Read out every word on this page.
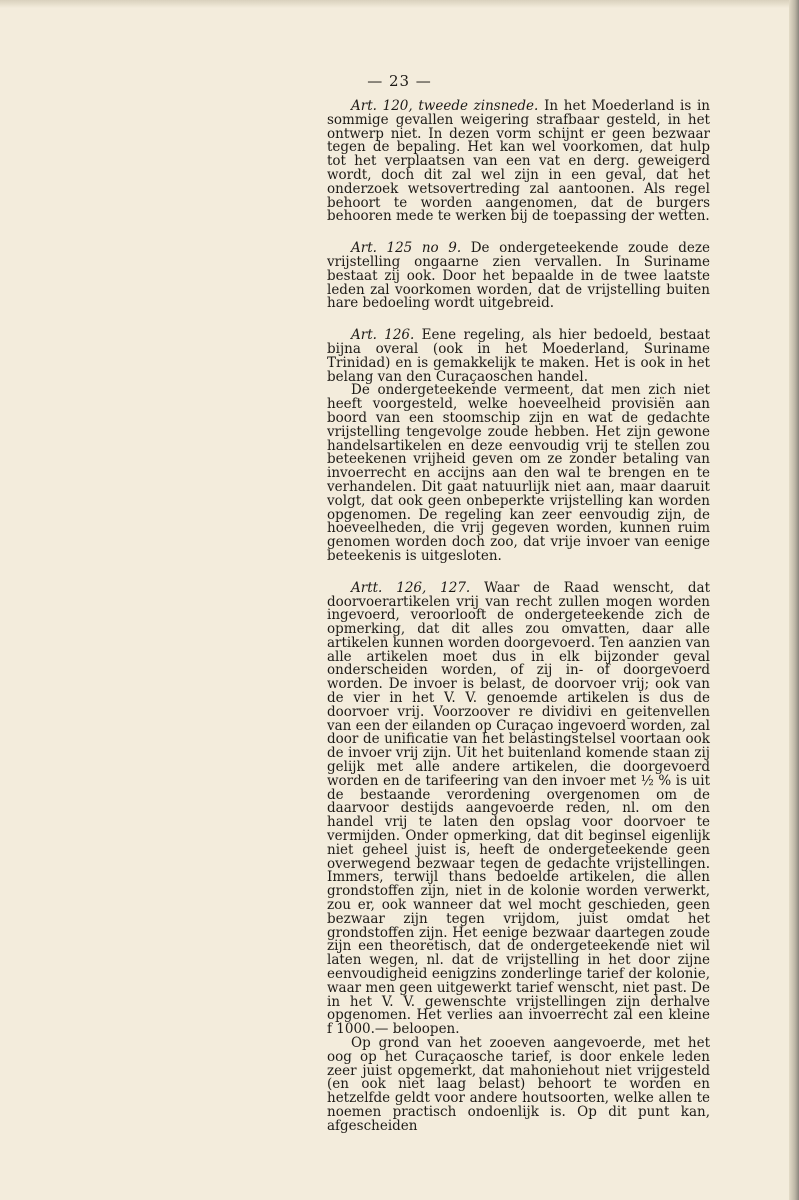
— 23 —

Art. 120, tweede zinsnede. In het Moederland is in sommige gevallen weigering strafbaar gesteld, in het ontwerp niet. In dezen vorm schijnt er geen bezwaar tegen de bepaling. Het kan wel voorkomen, dat hulp tot het verplaatsen van een vat en derg. geweigerd wordt, doch dit zal wel zijn in een geval, dat het onderzoek wetsovertreding zal aantoonen. Als regel behoort te worden aangenomen, dat de burgers behooren mede te werken bij de toepassing der wetten.

Art. 125 no 9. De ondergeteekende zoude deze vrijstelling ongaarne zien vervallen. In Suriname bestaat zij ook. Door het bepaalde in de twee laatste leden zal voorkomen worden, dat de vrijstelling buiten hare bedoeling wordt uitgebreid.

Art. 126. Eene regeling, als hier bedoeld, bestaat bijna overal (ook in het Moederland, Suriname Trinidad) en is gemakkelijk te maken. Het is ook in het belang van den Curaçaoschen handel.

De ondergeteekende vermeent, dat men zich niet heeft voorgesteld, welke hoeveelheid provisiën aan boord van een stoomschip zijn en wat de gedachte vrijstelling tengevolge zoude hebben. Het zijn gewone handelsartikelen en deze eenvoudig vrij te stellen zou beteekenen vrijheid geven om ze zonder betaling van invoerrecht en accijns aan den wal te brengen en te verhandelen. Dit gaat natuurlijk niet aan, maar daaruit volgt, dat ook geen onbeperkte vrijstelling kan worden opgenomen. De regeling kan zeer eenvoudig zijn, de hoeveelheden, die vrij gegeven worden, kunnen ruim genomen worden doch zoo, dat vrije invoer van eenige beteekenis is uitgesloten.

Artt. 126, 127. Waar de Raad wenscht, dat doorvoerartikelen vrij van recht zullen mogen worden ingevoerd, veroorlooft de ondergeteekende zich de opmerking, dat dit alles zou omvatten, daar alle artikelen kunnen worden doorgevoerd. Ten aanzien van alle artikelen moet dus in elk bijzonder geval onderscheiden worden, of zij in- of doorgevoerd worden. De invoer is belast, de doorvoer vrij; ook van de vier in het V. V. genoemde artikelen is dus de doorvoer vrij. Voorzoover re dividivi en geitenvellen van een der eilanden op Curaçao ingevoerd worden, zal door de unificatie van het belastingstelsel voortaan ook de invoer vrij zijn. Uit het buitenland komende staan zij gelijk met alle andere artikelen, die doorgevoerd worden en de tarifeering van den invoer met ½ % is uit de bestaande verordening overgenomen om de daarvoor destijds aangevoerde reden, nl. om den handel vrij te laten den opslag voor doorvoer te vermijden. Onder opmerking, dat dit beginsel eigenlijk niet geheel juist is, heeft de ondergeteekende geen overwegend bezwaar tegen de gedachte vrijstellingen. Immers, terwijl thans bedoelde artikelen, die allen grondstoffen zijn, niet in de kolonie worden verwerkt, zou er, ook wanneer dat wel mocht geschieden, geen bezwaar zijn tegen vrijdom, juist omdat het grondstoffen zijn. Het eenige bezwaar daartegen zoude zijn een theoretisch, dat de ondergeteekende niet wil laten wegen, nl. dat de vrijstelling in het door zijne eenvoudigheid eenigzins zonderlinge tarief der kolonie, waar men geen uitgewerkt tarief wenscht, niet past. De in het V. V. gewenschte vrijstellingen zijn derhalve opgenomen. Het verlies aan invoerrecht zal een kleine f 1000.— beloopen.

Op grond van het zooeven aangevoerde, met het oog op het Curaçaosche tarief, is door enkele leden zeer juist opgemerkt, dat mahoniehout niet vrijgesteld (en ook niet laag belast) behoort te worden en hetzelfde geldt voor andere houtsoorten, welke allen te noemen practisch ondoenlijk is. Op dit punt kan, afgescheiden
